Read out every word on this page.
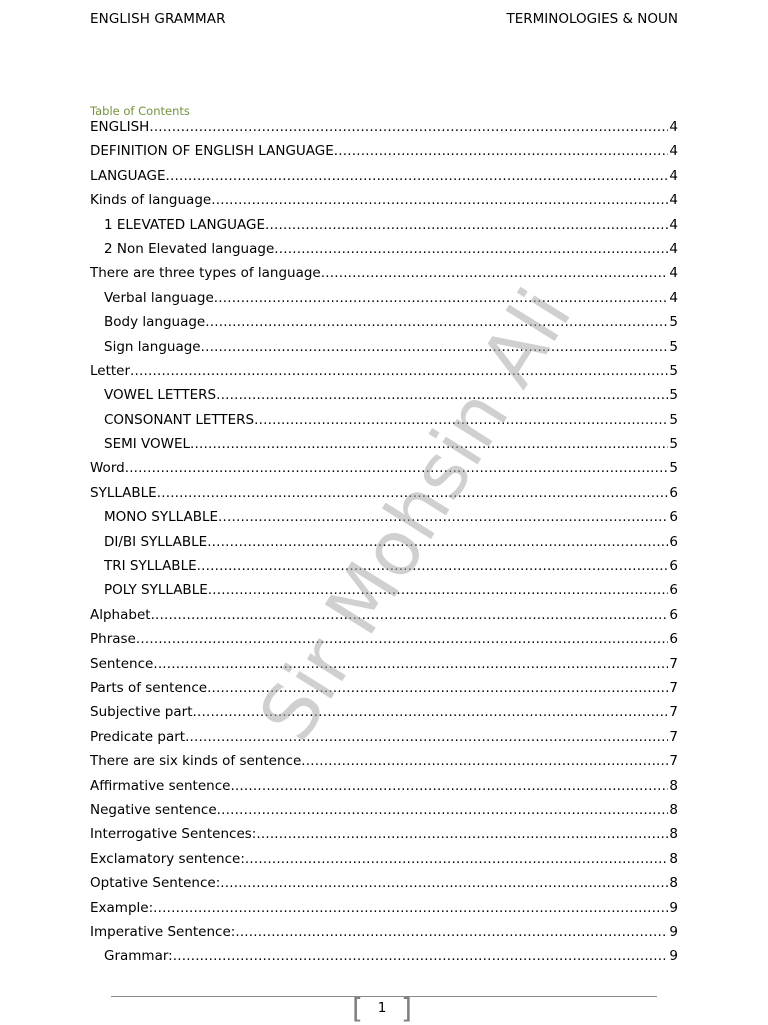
ENGLISH GRAMMAR	TERMINOLOGIES & NOUN
Table of Contents
ENGLISH .....	4
DEFINITION OF ENGLISH LANGUAGE .....	4
LANGUAGE .....	4
Kinds of language .....	4
1 ELEVATED LANGUAGE .....	4
2 Non Elevated language .....	4
There are three types of language .....	4
Verbal language .....	4
Body language .....	5
Sign language .....	5
Letter .....	5
VOWEL LETTERS .....	5
CONSONANT LETTERS .....	5
SEMI VOWEL .....	5
Word .....	5
SYLLABLE .....	6
MONO SYLLABLE .....	6
DI/BI SYLLABLE .....	6
TRI SYLLABLE .....	6
POLY SYLLABLE .....	6
Alphabet .....	6
Phrase .....	6
Sentence .....	7
Parts of sentence .....	7
Subjective part .....	7
Predicate part .....	7
There are six kinds of sentence .....	7
Affirmative sentence .....	8
Negative sentence .....	8
Interrogative Sentences: .....	8
Exclamatory sentence: .....	8
Optative Sentence: .....	8
Example: .....	9
Imperative Sentence: .....	9
Grammar: .....	9
Sir Mohsin Ali
[	1 ]
